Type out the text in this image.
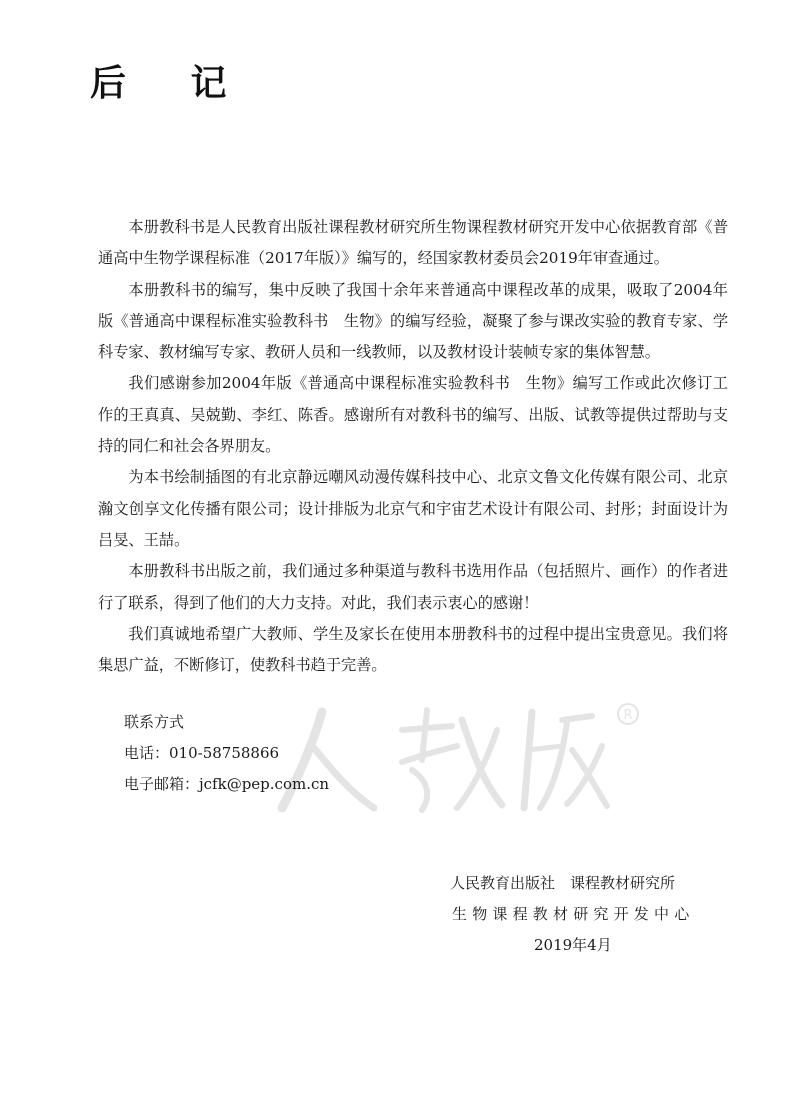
后 记

本册教科书是人民教育出版社课程教材研究所生物课程教材研究开发中心依据教育部《普通高中生物学课程标准（2017年版）》编写的，经国家教材委员会2019年审查通过。

本册教科书的编写，集中反映了我国十余年来普通高中课程改革的成果，吸取了2004年版《普通高中课程标准实验教科书　生物》的编写经验，凝聚了参与课改实验的教育专家、学科专家、教材编写专家、教研人员和一线教师，以及教材设计装帧专家的集体智慧。

我们感谢参加2004年版《普通高中课程标准实验教科书　生物》编写工作或此次修订工作的王真真、吴兢勤、李红、陈香。感谢所有对教科书的编写、出版、试教等提供过帮助与支持的同仁和社会各界朋友。

为本书绘制插图的有北京静远嘲风动漫传媒科技中心、北京文鲁文化传媒有限公司、北京瀚文创享文化传播有限公司；设计排版为北京气和宇宙艺术设计有限公司、封彤；封面设计为吕旻、王喆。

本册教科书出版之前，我们通过多种渠道与教科书选用作品（包括照片、画作）的作者进行了联系，得到了他们的大力支持。对此，我们表示衷心的感谢！

我们真诚地希望广大教师、学生及家长在使用本册教科书的过程中提出宝贵意见。我们将集思广益，不断修订，使教科书趋于完善。

R
联系方式
电话：010-58758866
电子邮箱：jcfk@pep.com.cn
人民教育出版社　课程教材研究所
生物课程教材研究开发中心
2019年4月
